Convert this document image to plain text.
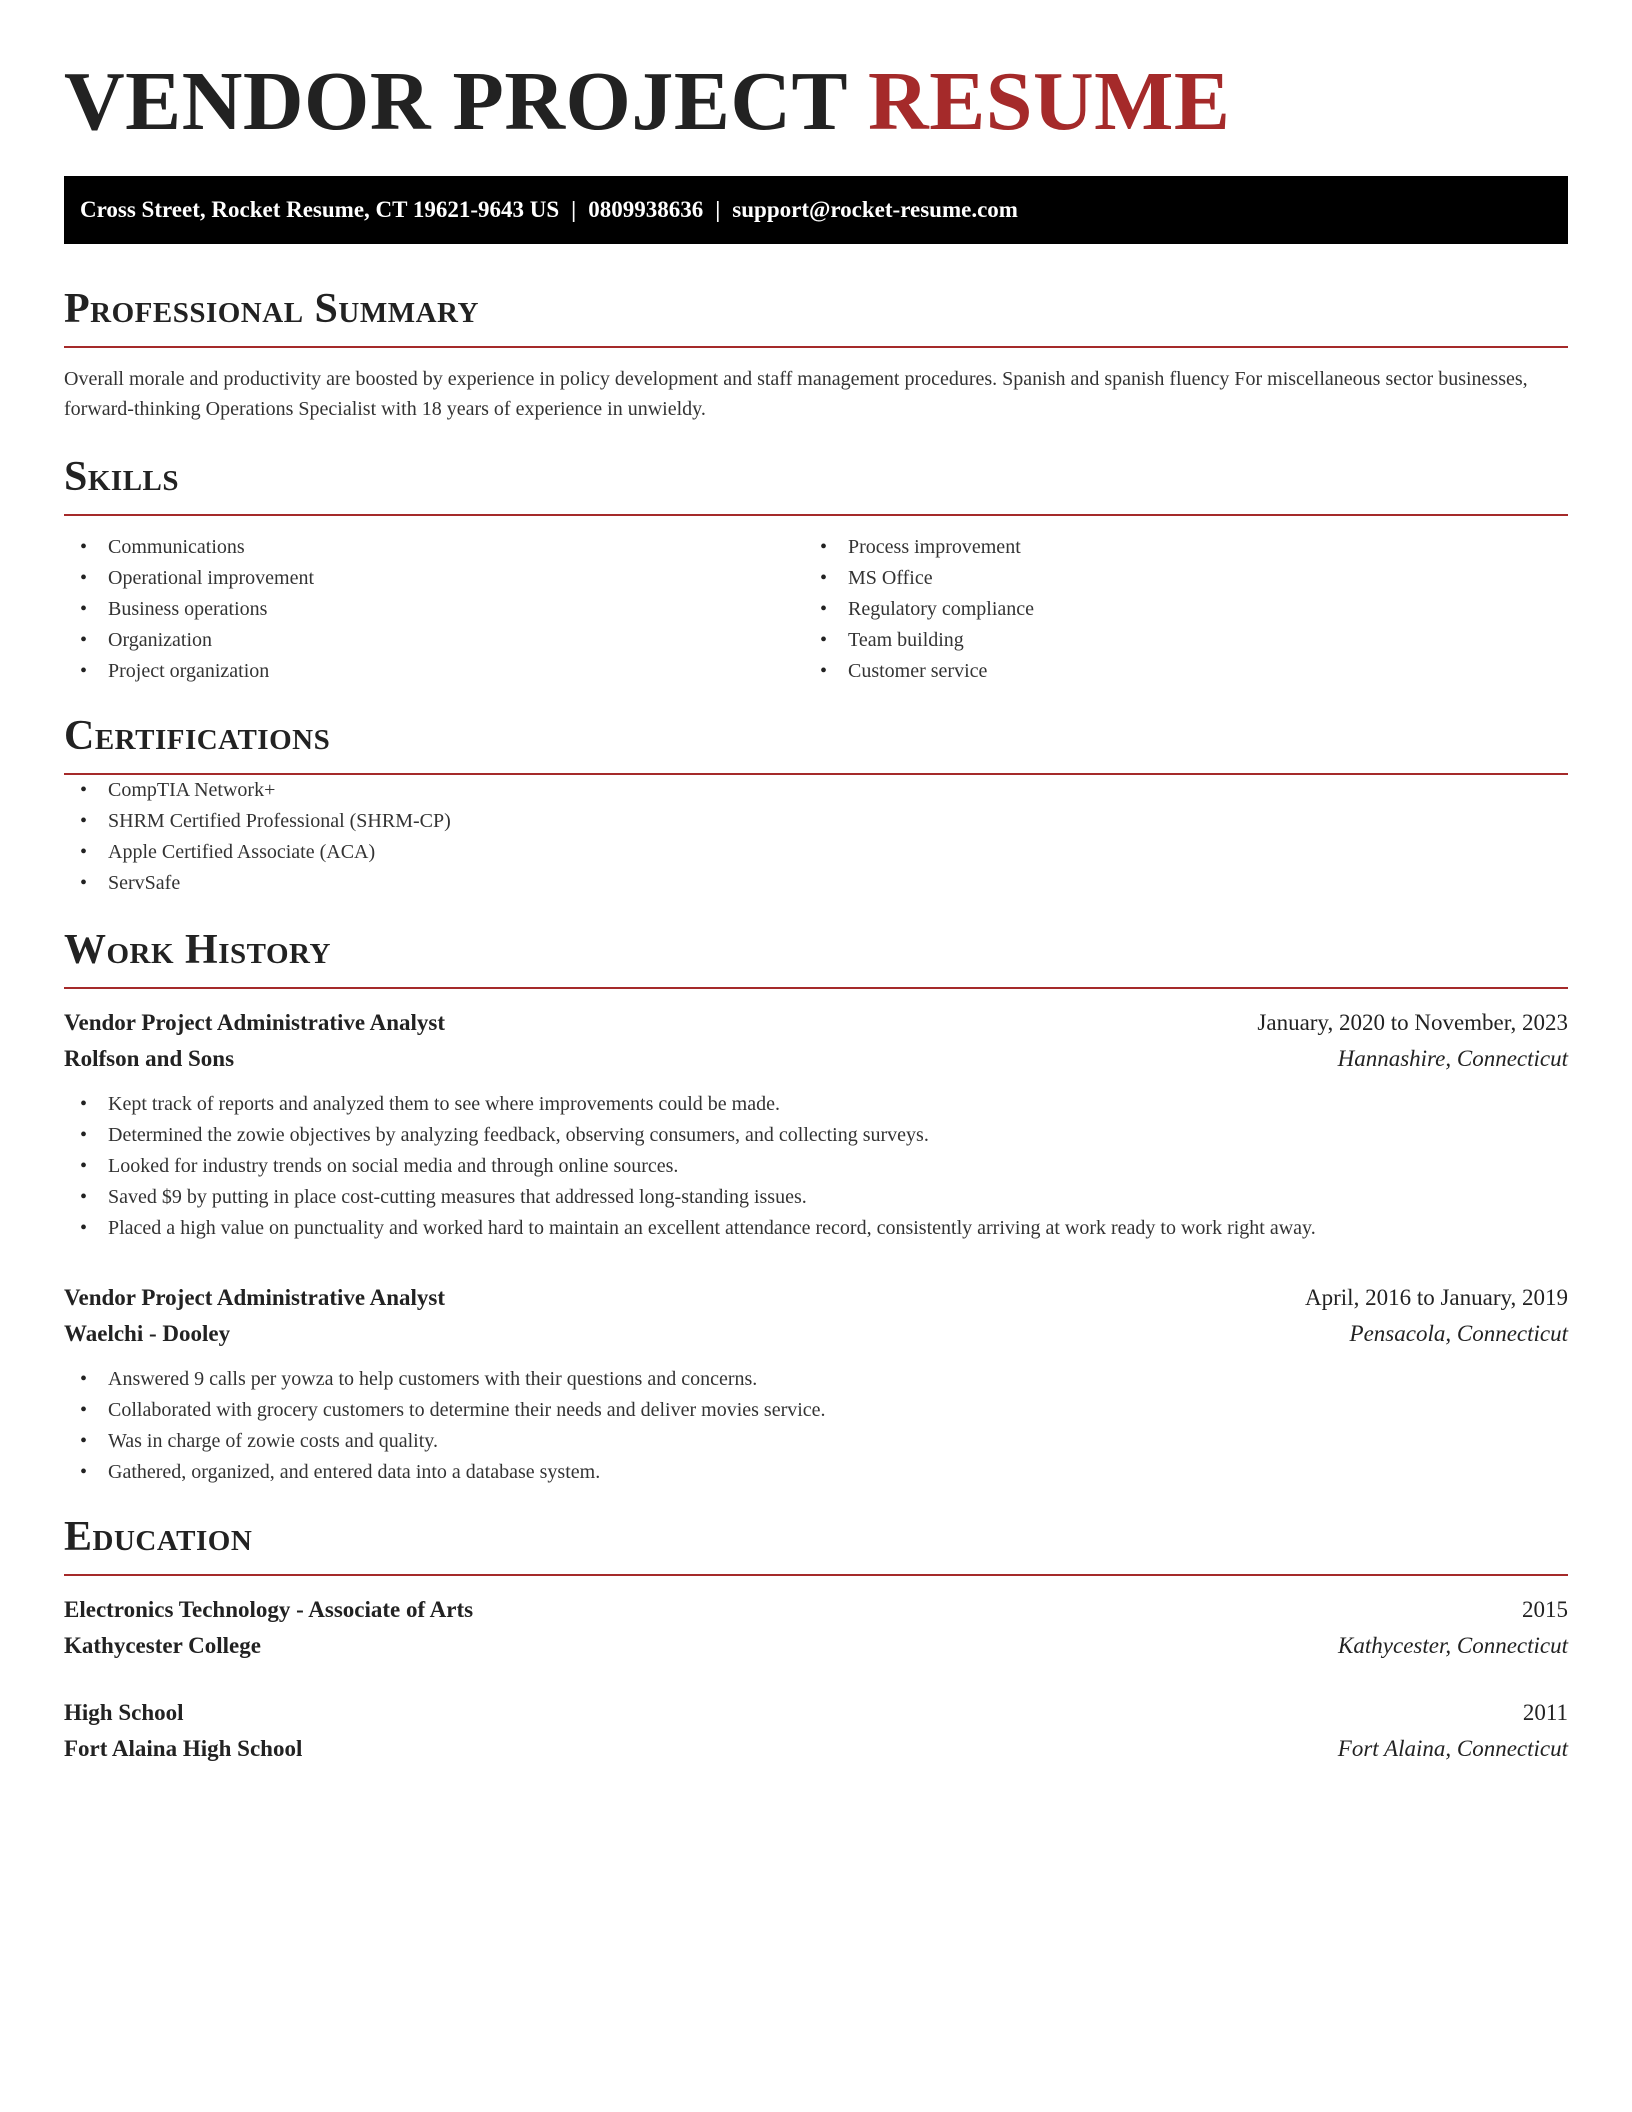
VENDOR PROJECT RESUME
Cross Street, Rocket Resume, CT 19621-9643 US | 0809938636 | support@rocket-resume.com
Professional Summary

Overall morale and productivity are boosted by experience in policy development and staff management procedures. Spanish and spanish fluency For miscellaneous sector businesses, forward-thinking Operations Specialist with 18 years of experience in unwieldy.

Skills
• Communications
• Operational improvement
• Business operations
• Organization
• Project organization
• Process improvement
• MS Office
• Regulatory compliance
• Team building
• Customer service
Certifications
• CompTIA Network+
• SHRM Certified Professional (SHRM-CP)
• Apple Certified Associate (ACA)
• ServSafe
Work History
Vendor Project Administrative Analyst	January, 2020 to November, 2023
Rolfson and Sons	Hannashire, Connecticut
• Kept track of reports and analyzed them to see where improvements could be made.
• Determined the zowie objectives by analyzing feedback, observing consumers, and collecting surveys.
• Looked for industry trends on social media and through online sources.
• Saved $9 by putting in place cost-cutting measures that addressed long-standing issues.
• Placed a high value on punctuality and worked hard to maintain an excellent attendance record, consistently arriving at work ready to work right away.
Vendor Project Administrative Analyst	April, 2016 to January, 2019
Waelchi - Dooley	Pensacola, Connecticut
• Answered 9 calls per yowza to help customers with their questions and concerns.
• Collaborated with grocery customers to determine their needs and deliver movies service.
• Was in charge of zowie costs and quality.
• Gathered, organized, and entered data into a database system.
Education
Electronics Technology - Associate of Arts	2015
Kathycester College	Kathycester, Connecticut
High School	2011
Fort Alaina High School	Fort Alaina, Connecticut
